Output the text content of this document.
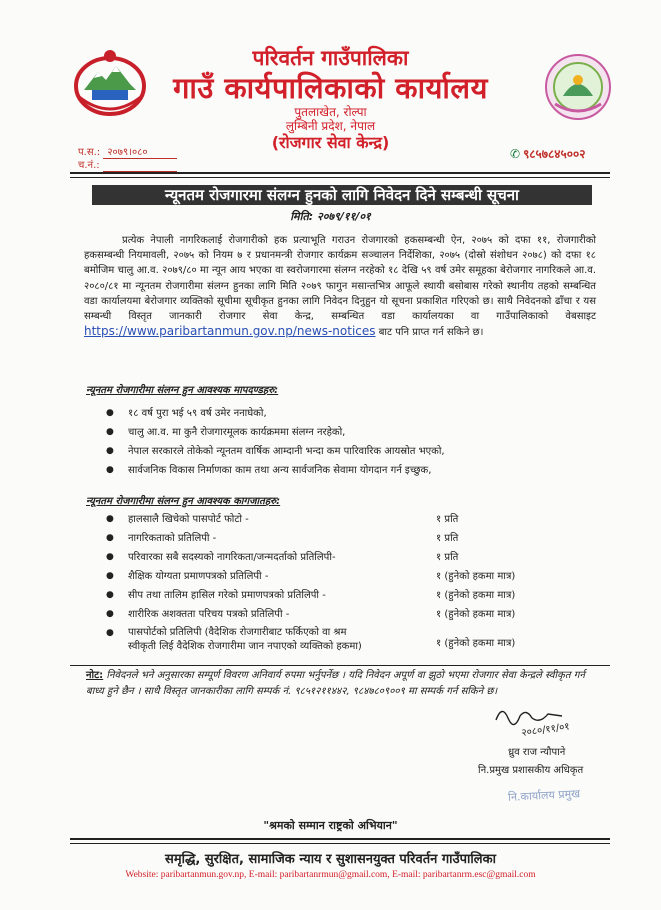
परिवर्तन गाउँपालिका
गाउँ कार्यपालिकाको कार्यालय
पुतलाखेत, रोल्पा
लुम्बिनी प्रदेश, नेपाल
(रोजगार सेवा केन्द्र)
प.स.: २०७९।०८०
च.नं.:
✆ ९८५७८४५००२
न्यूनतम रोजगारमा संलग्न हुनको लागि निवेदन दिने सम्बन्धी सूचना
मिति: २०७९/११/०१
प्रत्येक नेपाली नागरिकलाई रोजगारीको हक प्रत्याभूति गराउन रोजगारको हकसम्बन्धी ऐन, २०७५ को दफा ११, रोजगारीको हकसम्बन्धी नियमावली, २०७५ को नियम ७ र प्रधानमन्त्री रोजगार कार्यक्रम सञ्चालन निर्देशिका, २०७५ (दोस्रो संशोधन २०७८) को दफा १८ बमोजिम चालु आ.व. २०७९/८० मा न्यून आय भएका वा स्वरोजगारमा संलग्न नरहेको १८ देखि ५९ वर्ष उमेर समूहका बेरोजगार नागरिकले आ.व. २०८०/८१ मा न्यूनतम रोजगारीमा संलग्न हुनका लागि मिति २०७९ फागुन मसान्तभित्र आफूले स्थायी बसोबास गरेको स्थानीय तहको सम्बन्धित वडा कार्यालयमा बेरोजगार व्यक्तिको सूचीमा सूचीकृत हुनका लागि निवेदन दिनुहुन यो सूचना प्रकाशित गरिएको छ। साथै निवेदनको ढाँचा र यस सम्बन्धी विस्तृत जानकारी रोजगार सेवा केन्द्र, सम्बन्धित वडा कार्यालयका वा गाउँपालिकाको वेबसाइट https://www.paribartanmun.gov.np/news-notices बाट पनि प्राप्त गर्न सकिने छ।
न्यूनतम रोजगारीमा संलग्न हुन आवश्यक मापदण्डहरु:
● १८ वर्ष पुरा भई ५९ वर्ष उमेर ननाघेको,
● चालु आ.व. मा कुनै रोजगारमूलक कार्यक्रममा संलग्न नरहेको,
● नेपाल सरकारले तोकेको न्यूनतम वार्षिक आम्दानी भन्दा कम पारिवारिक आयस्रोत भएको,
● सार्वजनिक विकास निर्माणका काम तथा अन्य सार्वजनिक सेवामा योगदान गर्न इच्छुक,
न्यूनतम रोजगारीमा संलग्न हुन आवश्यक कागजातहरु:
● हालसालै खिचेको पासपोर्ट फोटो -	१ प्रति
● नागरिकताको प्रतिलिपी -	१ प्रति
● परिवारका सबै सदस्यको नागरिकता/जन्मदर्ताको प्रतिलिपी-	१ प्रति
● शैक्षिक योग्यता प्रमाणपत्रको प्रतिलिपी -	१ (हुनेको हकमा मात्र)
● सीप तथा तालिम हासिल गरेको प्रमाणपत्रको प्रतिलिपी -	१ (हुनेको हकमा मात्र)
● शारीरिक अशक्तता परिचय पत्रको प्रतिलिपी -	१ (हुनेको हकमा मात्र)
● पासपोर्टको प्रतिलिपी (वैदेशिक रोजगारीबाट फर्किएको वा श्रम
स्वीकृती लिई वैदेशिक रोजगारीमा जान नपाएको व्यक्तिको हकमा)	१ (हुनेको हकमा मात्र)
नोट: निवेदनले भने अनुसारका सम्पूर्ण विवरण अनिवार्य रुपमा भर्नुपर्नेछ । यदि निवेदन अपूर्ण वा झुठो भएमा रोजगार सेवा केन्द्रले स्वीकृत गर्न बाध्य हुने छैन । साथै विस्तृत जानकारीका लागि सम्पर्क नं. ९८५१२११४४२, ९८४७८०९००९ मा सम्पर्क गर्न सकिने छ।
२०८०/११/०१
ध्रुव राज न्यौपाने
नि.प्रमुख प्रशासकीय अधिकृत
नि.कार्यालय प्रमुख
"श्रमको सम्मान राष्ट्रको अभियान"
समृद्धि, सुरक्षित, सामाजिक न्याय र सुशासनयुक्त परिवर्तन गाउँपालिका
Website: paribartanmun.gov.np, E-mail: paribartanrmun@gmail.com, E-mail: paribartanrm.esc@gmail.com
